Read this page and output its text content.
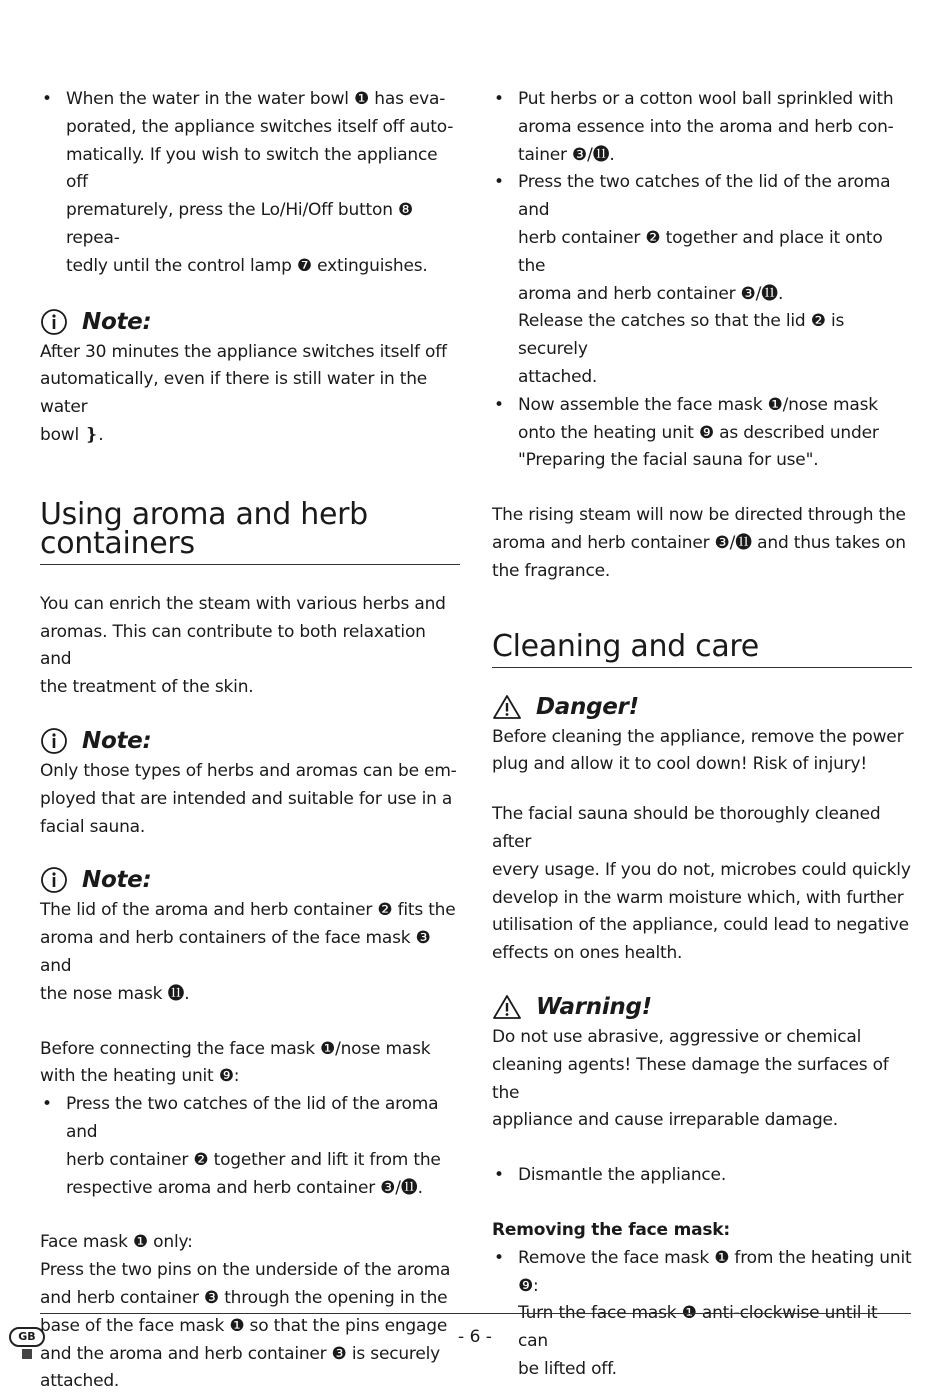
• When the water in the water bowl ❶ has eva-

porated, the appliance switches itself off auto-

matically. If you wish to switch the appliance off

prematurely, press the Lo/Hi/Off button ❽ repea-

tedly until the control lamp ❼ extinguishes.

Note:

After 30 minutes the appliance switches itself off

automatically, even if there is still water in the water

bowl ❵.

Using aroma and herb
containers

You can enrich the steam with various herbs and

aromas. This can contribute to both relaxation and

the treatment of the skin.

Note:

Only those types of herbs and aromas can be em-

ployed that are intended and suitable for use in a

facial sauna.

Note:

The lid of the aroma and herb container ❷ fits the

aroma and herb containers of the face mask ❸ and

the nose mask ⓫.

Before connecting the face mask ❶/nose mask

with the heating unit ❾:

• Press the two catches of the lid of the aroma and

herb container ❷ together and lift it from the

respective aroma and herb container ❸/⓫.

Face mask ❶ only:

Press the two pins on the underside of the aroma

and herb container ❸ through the opening in the

base of the face mask ❶ so that the pins engage

and the aroma and herb container ❸ is securely

attached.

• Put herbs or a cotton wool ball sprinkled with

aroma essence into the aroma and herb con-

tainer ❸/⓫.

• Press the two catches of the lid of the aroma and

herb container ❷ together and place it onto the

aroma and herb container ❸/⓫.

Release the catches so that the lid ❷ is securely

attached.

• Now assemble the face mask ❶/nose mask

onto the heating unit ❾ as described under

"Preparing the facial sauna for use".

The rising steam will now be directed through the

aroma and herb container ❸/⓫ and thus takes on

the fragrance.

Cleaning and care
Danger!

Before cleaning the appliance, remove the power

plug and allow it to cool down! Risk of injury!

The facial sauna should be thoroughly cleaned after

every usage. If you do not, microbes could quickly

develop in the warm moisture which, with further

utilisation of the appliance, could lead to negative

effects on ones health.

Warning!

Do not use abrasive, aggressive or chemical

cleaning agents! These damage the surfaces of the

appliance and cause irreparable damage.

• Dismantle the appliance.

Removing the face mask:

• Remove the face mask ❶ from the heating unit ❾:

Turn the face mask ❶ anti-clockwise until it can

be lifted off.

GB	- 6 -
